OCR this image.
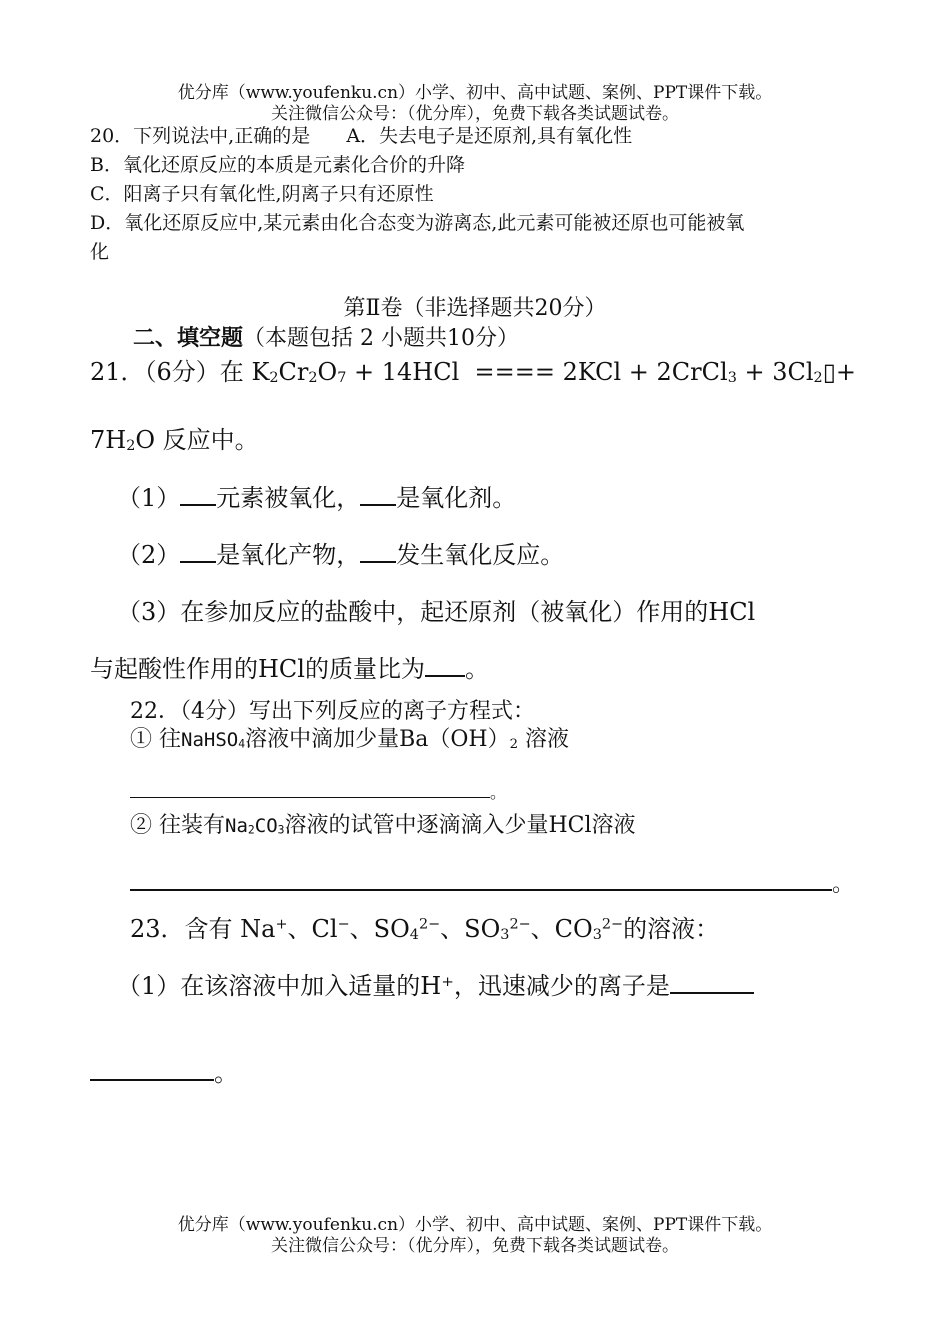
优分库（www.youfenku.cn）小学、初中、高中试题、案例、PPT课件下载。
关注微信公众号：（优分库），免费下载各类试题试卷。
20．下列说法中,正确的是 A．失去电子是还原剂,具有氧化性
B．氧化还原反应的本质是元素化合价的升降
C．阳离子只有氧化性,阴离子只有还原性
D．氧化还原反应中,某元素由化合态变为游离态,此元素可能被还原也可能被氧
化
第Ⅱ卷（非选择题共20分）
二、填空题（本题包括 2 小题共10分）
21．（6分）在 $K_2Cr_2O_7 + 14HCl$  ==== 2KCl + 2CrCl$_3$ + $3Cl_2▯+$
$7H_2O$ 反应中。
（1） 元素被氧化， 是氧化剂。
（2） 是氧化产物， 发生氧化反应。
（3）在参加反应的盐酸中，起还原剂（被氧化）作用的HCl
与起酸性作用的HCl的质量比为 。
22．（4分）写出下列反应的离子方程式：
① 往NaHSO$_4$溶液中滴加少量$Ba(OH)_2$ 溶液
。
② 往装有$Na_2CO_3$溶液的试管中逐滴滴入少量HCl溶液
。
23．含有 Na+、Cl−、$SO_4^{2-}$、$SO_3^{2-}$、$CO_3^{2-}$的溶液：
（1）在该溶液中加入适量的H⁺，迅速减少的离子是
。
优分库（www.youfenku.cn）小学、初中、高中试题、案例、PPT课件下载。
关注微信公众号：（优分库），免费下载各类试题试卷。
